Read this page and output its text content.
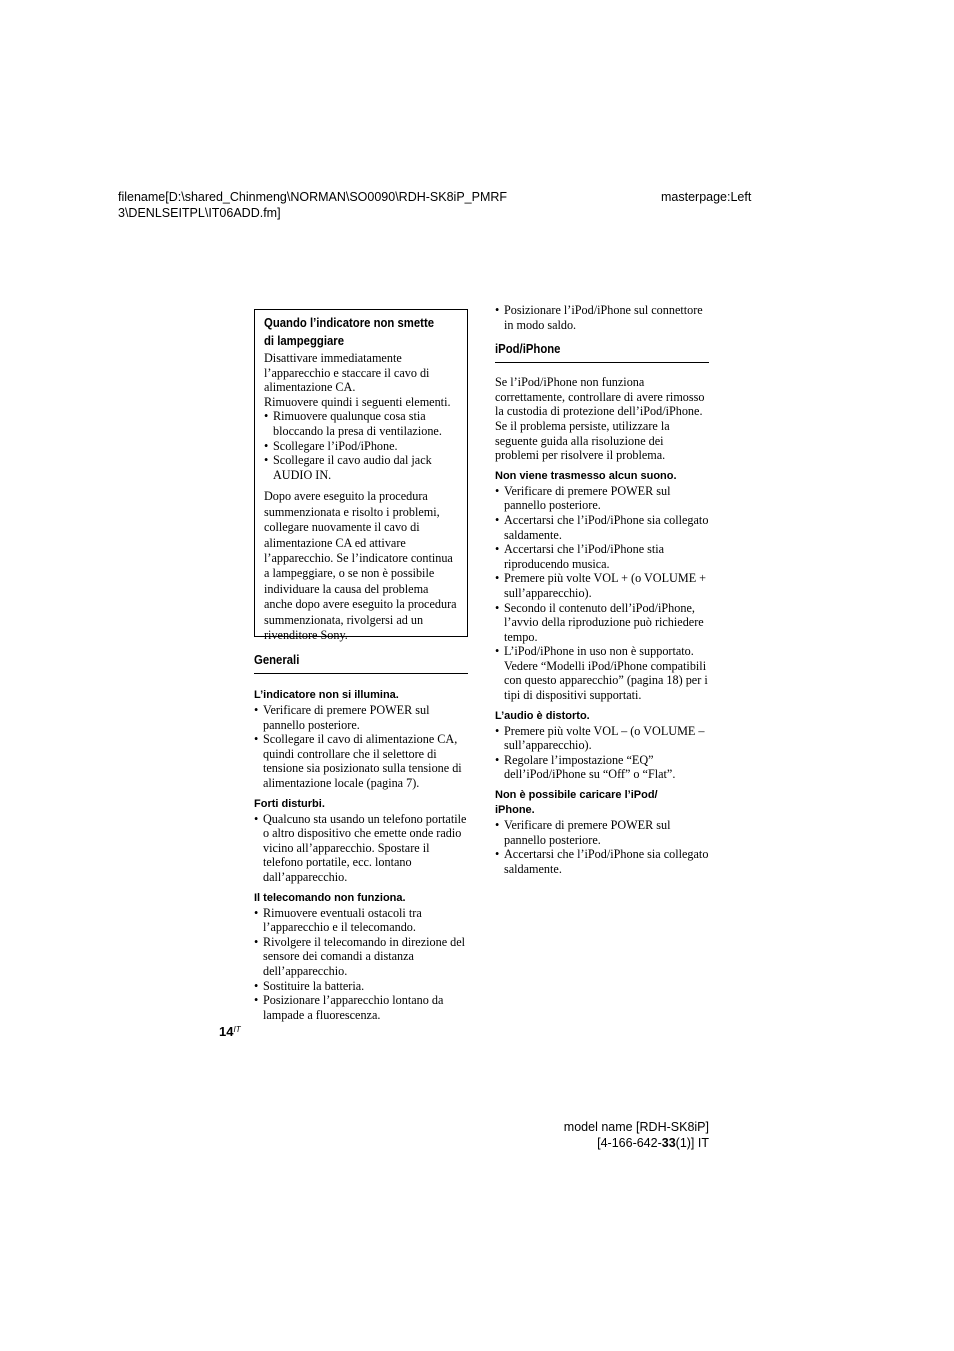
filename[D:\shared_Chinmeng\NORMAN\SO0090\RDH-SK8iP_PMRF
3\DENLSEITPL\IT06ADD.fm]
masterpage:Left
Quando l’indicatore non smette
di lampeggiare

Disattivare immediatamente l’apparecchio e staccare il cavo di alimentazione CA.

Rimuovere quindi i seguenti elementi.

• Rimuovere qualunque cosa stia bloccando la presa di ventilazione.
• Scollegare l’iPod/iPhone.
• Scollegare il cavo audio dal jack AUDIO IN.

Dopo avere eseguito la procedura summenzionata e risolto i problemi, collegare nuovamente il cavo di alimentazione CA ed attivare l’apparecchio. Se l’indicatore continua a lampeggiare, o se non è possibile individuare la causa del problema anche dopo avere eseguito la procedura summenzionata, rivolgersi ad un rivenditore Sony.

Generali
L’indicatore non si illumina.
• Verificare di premere POWER sul pannello posteriore.
• Scollegare il cavo di alimentazione CA, quindi controllare che il selettore di tensione sia posizionato sulla tensione di alimentazione locale (pagina 7).
Forti disturbi.
• Qualcuno sta usando un telefono portatile o altro dispositivo che emette onde radio vicino all’apparecchio. Spostare il telefono portatile, ecc. lontano dall’apparecchio.
Il telecomando non funziona.
• Rimuovere eventuali ostacoli tra l’apparecchio e il telecomando.
• Rivolgere il telecomando in direzione del sensore dei comandi a distanza dell’apparecchio.
• Sostituire la batteria.
• Posizionare l’apparecchio lontano da lampade a fluorescenza.
• Posizionare l’iPod/iPhone sul connettore in modo saldo.
iPod/iPhone

Se l’iPod/iPhone non funziona correttamente, controllare di avere rimosso la custodia di protezione dell’iPod/iPhone. Se il problema persiste, utilizzare la seguente guida alla risoluzione dei problemi per risolvere il problema.

Non viene trasmesso alcun suono.
• Verificare di premere POWER sul pannello posteriore.
• Accertarsi che l’iPod/iPhone sia collegato saldamente.
• Accertarsi che l’iPod/iPhone stia riproducendo musica.
• Premere più volte VOL + (o VOLUME + sull’apparecchio).
• Secondo il contenuto dell’iPod/iPhone, l’avvio della riproduzione può richiedere tempo.
• L’iPod/iPhone in uso non è supportato. Vedere “Modelli iPod/iPhone compatibili con questo apparecchio” (pagina 18) per i tipi di dispositivi supportati.
L’audio è distorto.
• Premere più volte VOL – (o VOLUME – sull’apparecchio).
• Regolare l’impostazione “EQ” dell’iPod/iPhone su “Off” o “Flat”.
Non è possibile caricare l’iPod/
iPhone.
• Verificare di premere POWER sul pannello posteriore.
• Accertarsi che l’iPod/iPhone sia collegato saldamente.
$14^{IT}$
model name [RDH-SK8iP]
[4-166-642-33(1)] IT
